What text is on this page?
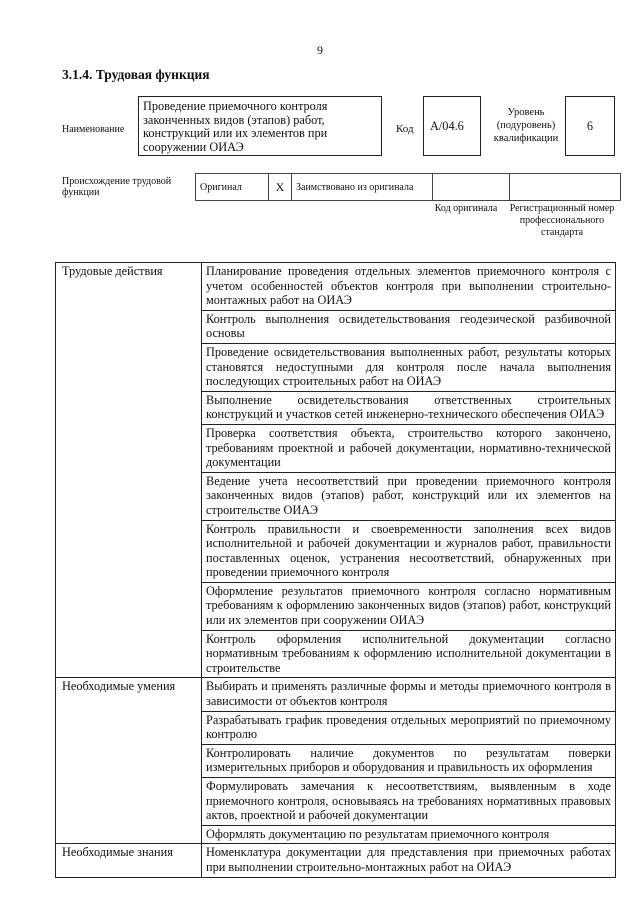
9
3.1.4. Трудовая функция
Наименование
Проведение приемочного контроля законченных видов (этапов) работ, конструкций или их элементов при сооружении ОИАЭ
Код	A/04.6
Уровень (подуровень) квалификации
6
Происхождение трудовой функции	Оригинал	X	Заимствовано из оригинала		
Код оригинала	Регистрационный номер профессионального стандарта
Трудовые действия	Планирование проведения отдельных элементов приемочного контроля с учетом особенностей объектов контроля при выполнении строительно-монтажных работ на ОИАЭ
	Контроль выполнения освидетельствования геодезической разбивочной основы
	Проведение освидетельствования выполненных работ, результаты которых становятся недоступными для контроля после начала выполнения последующих строительных работ на ОИАЭ
	Выполнение освидетельствования ответственных строительных конструкций и участков сетей инженерно-технического обеспечения ОИАЭ
	Проверка соответствия объекта, строительство которого закончено, требованиям проектной и рабочей документации, нормативно-технической документации
	Ведение учета несоответствий при проведении приемочного контроля законченных видов (этапов) работ, конструкций или их элементов на строительстве ОИАЭ
	Контроль правильности и своевременности заполнения всех видов исполнительной и рабочей документации и журналов работ, правильности поставленных оценок, устранения несоответствий, обнаруженных при проведении приемочного контроля
	Оформление результатов приемочного контроля согласно нормативным требованиям к оформлению законченных видов (этапов) работ, конструкций или их элементов при сооружении ОИАЭ
	Контроль оформления исполнительной документации согласно нормативным требованиям к оформлению исполнительной документации в строительстве
Необходимые умения	Выбирать и применять различные формы и методы приемочного контроля в зависимости от объектов контроля
	Разрабатывать график проведения отдельных мероприятий по приемочному контролю
	Контролировать наличие документов по результатам поверки измерительных приборов и оборудования и правильность их оформления
	Формулировать замечания к несоответствиям, выявленным в ходе приемочного контроля, основываясь на требованиях нормативных правовых актов, проектной и рабочей документации
	Оформлять документацию по результатам приемочного контроля
Необходимые знания	Номенклатура документации для представления при приемочных работах при выполнении строительно-монтажных работ на ОИАЭ
